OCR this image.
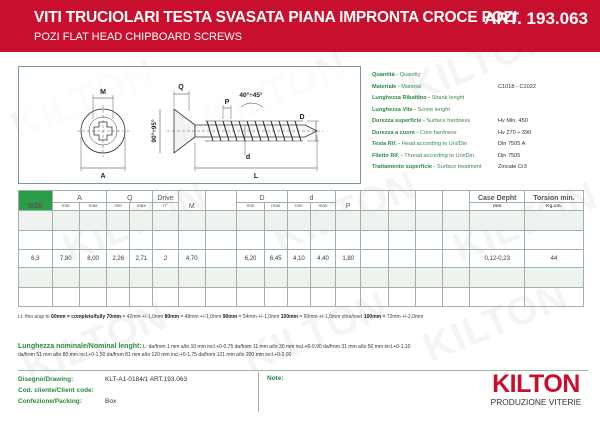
VITI TRUCIOLARI TESTA SVASATA PIANA IMPRONTA CROCE POZI
POZI FLAT HEAD CHIPBOARD SCREWS
ART. 193.063
M
A
Q
P
40°÷45°
D
d
L
90°÷95°
Quantità - Quantity
Materiale - Material	C1018 - C1022
Lunghezza Ribattino - Shank lenght
Lunghezza Vite - Screw lenght
Durezza superficie - Surface hardness	Hv Min. 450
Durezza a cuore - Core hardness	Hv 270 ÷ 390
Testa Rif. - Head according to Uni/Din	Din 7505 A
Filetto Rif. - Thread according to Uni/Din	Din 7505
Trattamento superficie - Surface treatment	Zincate Cr3
SIZE	A		Q		Drive	M		D		d		P					Case Depht	Torsion min.
	min	max	min	max	n°			min	max	min	max						mm	Kg.cm.

6,3	7,80	8,00	2,26	2,71	2	4,70		6,20	6,45	4,10	4,40	1,80					0,12-0,23	44

Lt: fino a/up to 60mm = completo/fully 70mm = 42mm +/-1,0mm 80mm = 48mm +/-1,0mm 90mm = 54mm +/-1,0mm 100mm = 60mm +/-1,0mm oltre/over 100mm = 72mm +/-2,0mm
Lunghezza nominale/Nominal lenght: L: da/from 1 mm a/to 10 mm incl.+0-0,75 da/from 11 mm a/to 30 mm incl.+0-0,90 da/from 31 mm a/to 50 mm incl.+0-1,10
da/from 51 mm a/to 80 mm incl.+0-1,50 da/from 81 mm a/to 120 mm incl.+0-1,75 da/from 121 mm a/to 200 mm incl.+0-2,00
Disegno/Drawing:	KLT-A1-0184/1 ART.193.063
Cod. cliente/Client code:
Confezione/Packing:	Box
Note:	KILTON
PRODUZIONE VITERIE
